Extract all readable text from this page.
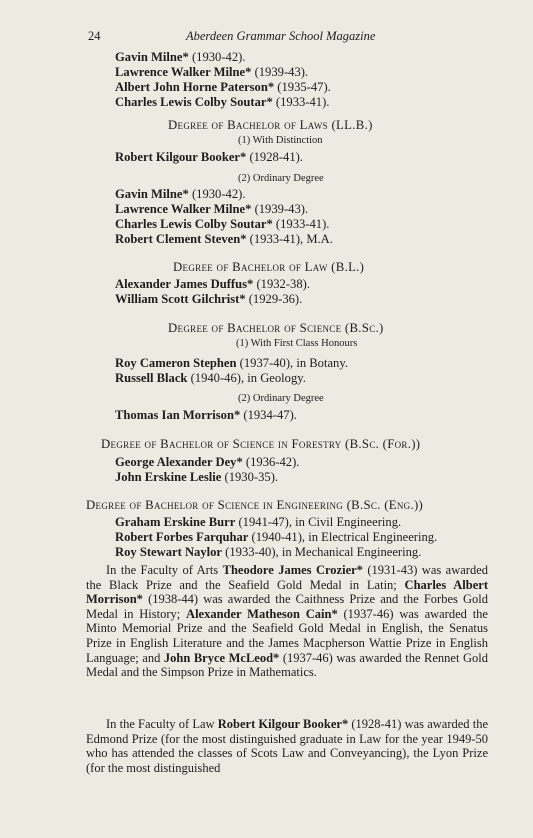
24	Aberdeen Grammar School Magazine
Gavin Milne* (1930-42).
Lawrence Walker Milne* (1939-43).
Albert John Horne Paterson* (1935-47).
Charles Lewis Colby Soutar* (1933-41).
Degree of Bachelor of Laws (LL.B.)
(1) With Distinction
Robert Kilgour Booker* (1928-41).
(2) Ordinary Degree
Gavin Milne* (1930-42).
Lawrence Walker Milne* (1939-43).
Charles Lewis Colby Soutar* (1933-41).
Robert Clement Steven* (1933-41), M.A.
Degree of Bachelor of Law (B.L.)
Alexander James Duffus* (1932-38).
William Scott Gilchrist* (1929-36).
Degree of Bachelor of Science (B.Sc.)
(1) With First Class Honours
Roy Cameron Stephen (1937-40), in Botany.
Russell Black (1940-46), in Geology.
(2) Ordinary Degree
Thomas Ian Morrison* (1934-47).
Degree of Bachelor of Science in Forestry (B.Sc. (For.))
George Alexander Dey* (1936-42).
John Erskine Leslie (1930-35).
Degree of Bachelor of Science in Engineering (B.Sc. (Eng.))
Graham Erskine Burr (1941-47), in Civil Engineering.
Robert Forbes Farquhar (1940-41), in Electrical Engineering.
Roy Stewart Naylor (1933-40), in Mechanical Engineering.

In the Faculty of Arts Theodore James Crozier* (1931-43) was awarded the Black Prize and the Seafield Gold Medal in Latin; Charles Albert Morrison* (1938-44) was awarded the Caithness Prize and the Forbes Gold Medal in History; Alexander Matheson Cain* (1937-46) was awarded the Minto Memorial Prize and the Seafield Gold Medal in English, the Senatus Prize in English Literature and the James Macpherson Wattie Prize in English Language; and John Bryce McLeod* (1937-46) was awarded the Rennet Gold Medal and the Simpson Prize in Mathematics.

In the Faculty of Law Robert Kilgour Booker* (1928-41) was awarded the Edmond Prize (for the most distinguished graduate in Law for the year 1949-50 who has attended the classes of Scots Law and Conveyancing), the Lyon Prize (for the most distinguished
